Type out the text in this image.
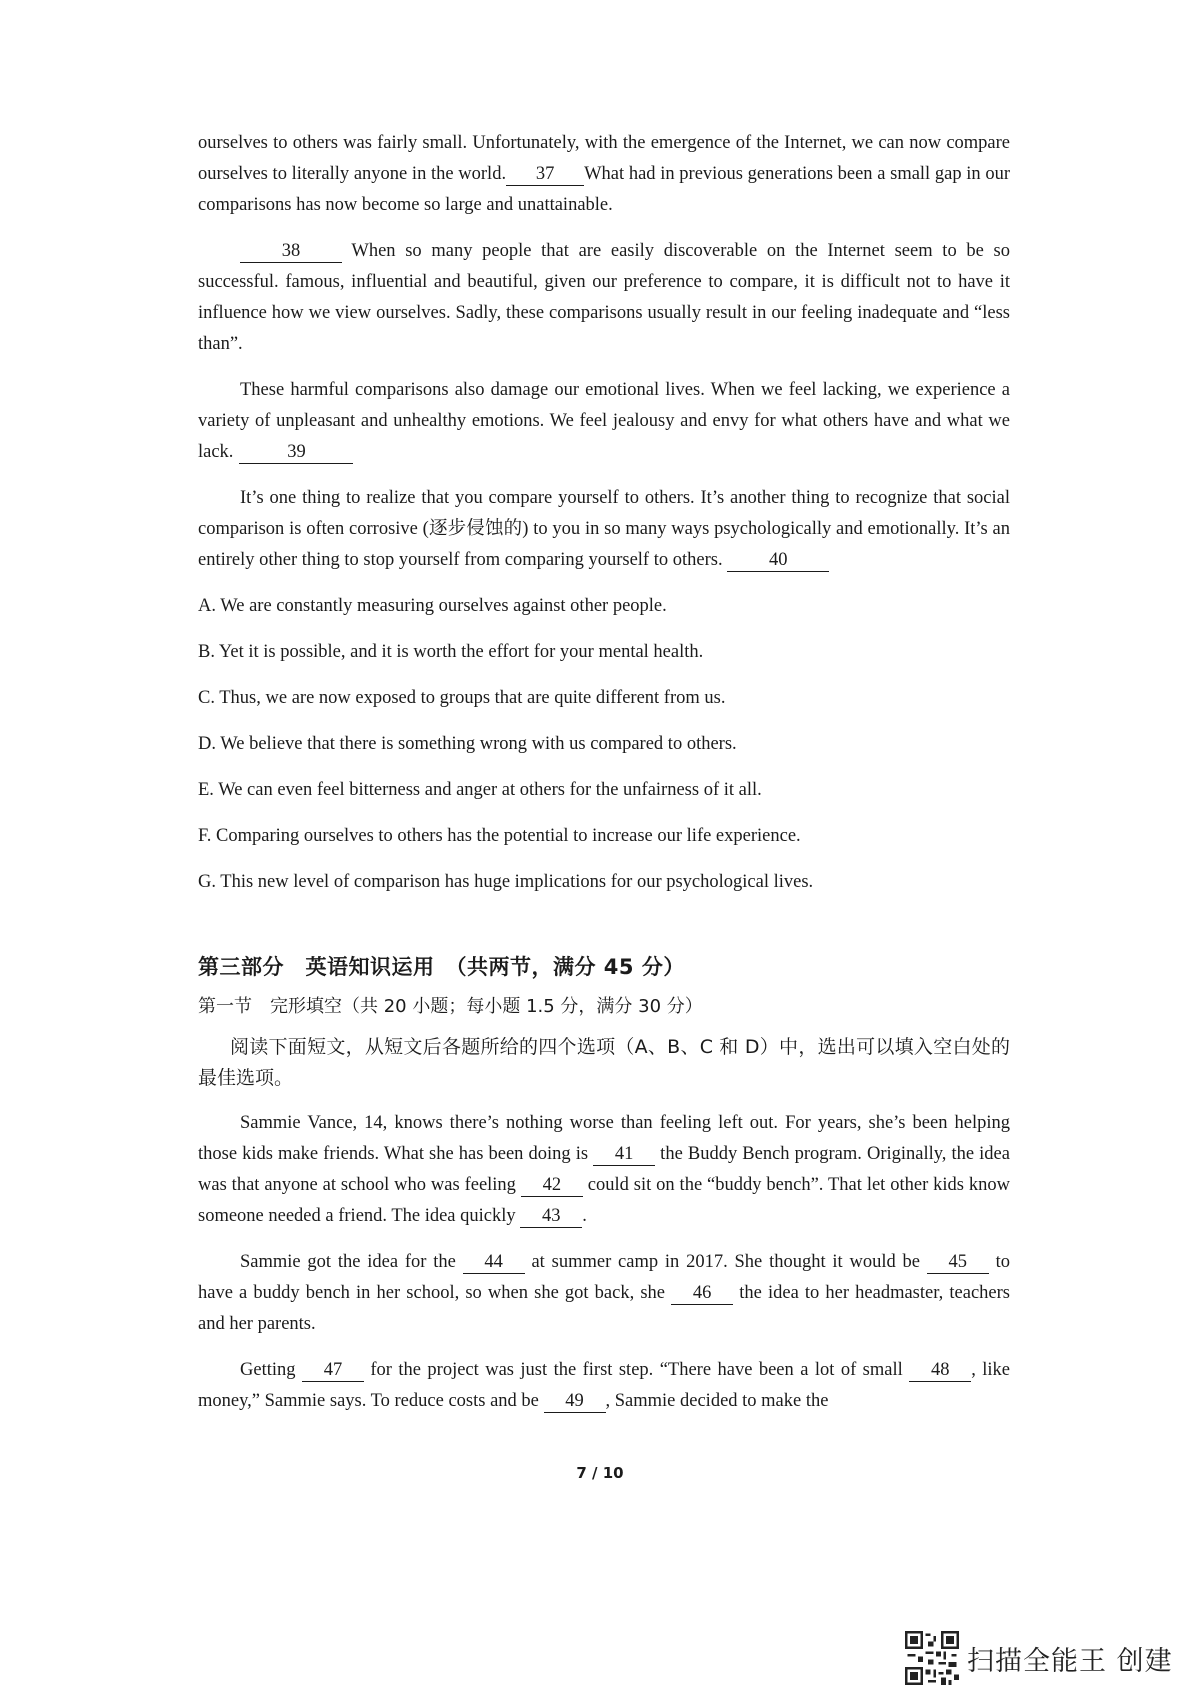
ourselves to others was fairly small. Unfortunately, with the emergence of the Internet, we can now compare ourselves to literally anyone in the world. 37 What had in previous generations been a small gap in our comparisons has now become so large and unattainable.

38 When so many people that are easily discoverable on the Internet seem to be so successful. famous, influential and beautiful, given our preference to compare, it is difficult not to have it influence how we view ourselves. Sadly, these comparisons usually result in our feeling inadequate and “less than”.

These harmful comparisons also damage our emotional lives. When we feel lacking, we experience a variety of unpleasant and unhealthy emotions. We feel jealousy and envy for what others have and what we lack.	39

It’s one thing to realize that you compare yourself to others. It’s another thing to recognize that social comparison is often corrosive (逐步侵蚀的) to you in so many ways psychologically and emotionally. It’s an entirely other thing to stop yourself from comparing yourself to others.	40

A. We are constantly measuring ourselves against other people.

B. Yet it is possible, and it is worth the effort for your mental health.

C. Thus, we are now exposed to groups that are quite different from us.

D. We believe that there is something wrong with us compared to others.

E. We can even feel bitterness and anger at others for the unfairness of it all.

F. Comparing ourselves to others has the potential to increase our life experience.

G. This new level of comparison has huge implications for our psychological lives.

第三部分　英语知识运用　（共两节，满分 45 分）
第一节　完形填空（共 20 小题；每小题 1.5 分，满分 30 分）

阅读下面短文，从短文后各题所给的四个选项（A、B、C 和 D）中，选出可以填入空白处的最佳选项。

Sammie Vance, 14, knows there’s nothing worse than feeling left out. For years, she’s been helping those kids make friends. What she has been doing is 41 the Buddy Bench program. Originally, the idea was that anyone at school who was feeling 42 could sit on the “buddy bench”. That let other kids know someone needed a friend. The idea quickly 43 .

Sammie got the idea for the 44 at summer camp in 2017. She thought it would be 45 to have a buddy bench in her school, so when she got back, she 46 the idea to her headmaster, teachers and her parents.

Getting 47 for the project was just the first step. “There have been a lot of small 48 , like money,” Sammie says. To reduce costs and be 49 , Sammie decided to make the

7 / 10
扫描全能王 创建
